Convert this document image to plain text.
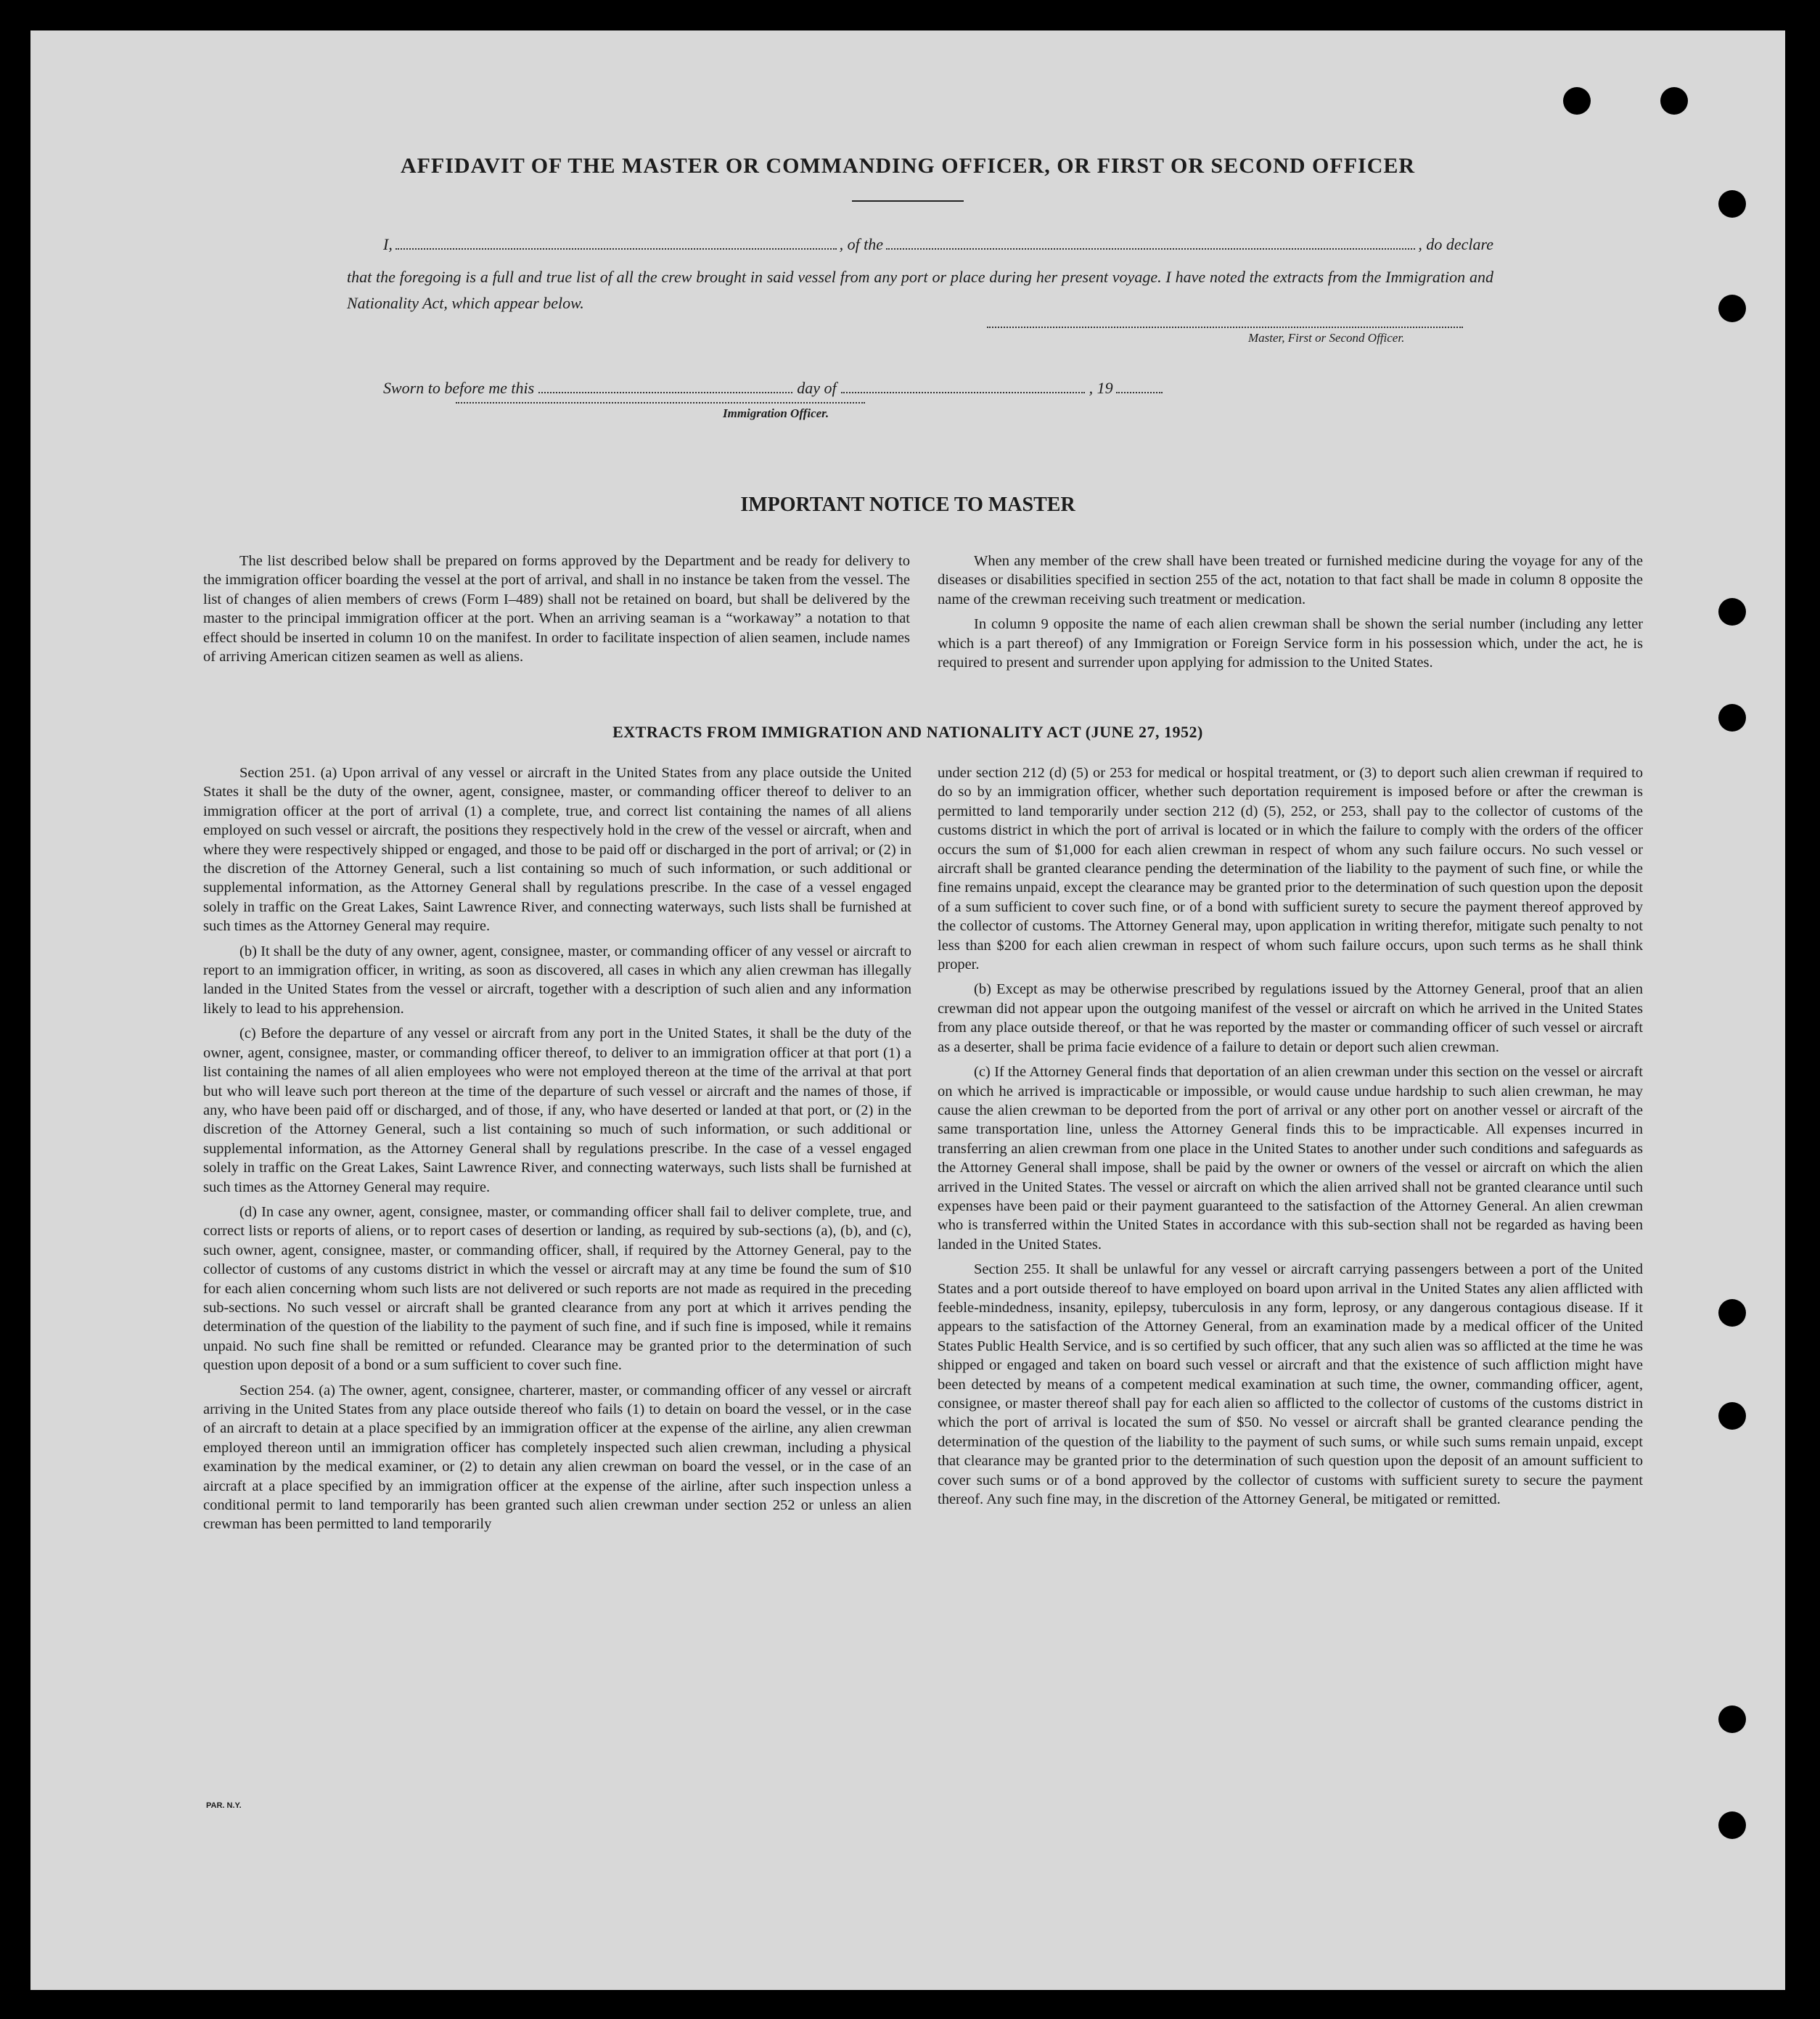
AFFIDAVIT OF THE MASTER OR COMMANDING OFFICER, OR FIRST OR SECOND OFFICER
I,	, of the	, do declare
that the foregoing is a full and true list of all the crew brought in said vessel from any port or place during her present voyage. I have noted the extracts from the Immigration and Nationality Act, which appear below.
Master, First or Second Officer.
Sworn to before me this	day of	, 19
Immigration Officer.
IMPORTANT NOTICE TO MASTER

The list described below shall be prepared on forms approved by the Department and be ready for delivery to the immigration officer boarding the vessel at the port of arrival, and shall in no instance be taken from the vessel. The list of changes of alien members of crews (Form I–489) shall not be retained on board, but shall be delivered by the master to the principal immigration officer at the port. When an arriving seaman is a “workaway” a notation to that effect should be inserted in column 10 on the manifest. In order to facilitate inspection of alien seamen, include names of arriving American citizen seamen as well as aliens.

When any member of the crew shall have been treated or furnished medicine during the voyage for any of the diseases or disabilities specified in section 255 of the act, notation to that fact shall be made in column 8 opposite the name of the crewman receiving such treatment or medication.

In column 9 opposite the name of each alien crewman shall be shown the serial number (including any letter which is a part thereof) of any Immigration or Foreign Service form in his possession which, under the act, he is required to present and surrender upon applying for admission to the United States.

EXTRACTS FROM IMMIGRATION AND NATIONALITY ACT (JUNE 27, 1952)

Section 251. (a) Upon arrival of any vessel or aircraft in the United States from any place outside the United States it shall be the duty of the owner, agent, consignee, master, or commanding officer thereof to deliver to an immigration officer at the port of arrival (1) a complete, true, and correct list containing the names of all aliens employed on such vessel or aircraft, the positions they respectively hold in the crew of the vessel or aircraft, when and where they were respectively shipped or engaged, and those to be paid off or discharged in the port of arrival; or (2) in the discretion of the Attorney General, such a list containing so much of such information, or such additional or supplemental information, as the Attorney General shall by regulations prescribe. In the case of a vessel engaged solely in traffic on the Great Lakes, Saint Lawrence River, and connecting waterways, such lists shall be furnished at such times as the Attorney General may require.

(b) It shall be the duty of any owner, agent, consignee, master, or commanding officer of any vessel or aircraft to report to an immigration officer, in writing, as soon as discovered, all cases in which any alien crewman has illegally landed in the United States from the vessel or aircraft, together with a description of such alien and any information likely to lead to his apprehension.

(c) Before the departure of any vessel or aircraft from any port in the United States, it shall be the duty of the owner, agent, consignee, master, or commanding officer thereof, to deliver to an immigration officer at that port (1) a list containing the names of all alien employees who were not employed thereon at the time of the arrival at that port but who will leave such port thereon at the time of the departure of such vessel or aircraft and the names of those, if any, who have been paid off or discharged, and of those, if any, who have deserted or landed at that port, or (2) in the discretion of the Attorney General, such a list containing so much of such information, or such additional or supplemental information, as the Attorney General shall by regulations prescribe. In the case of a vessel engaged solely in traffic on the Great Lakes, Saint Lawrence River, and connecting waterways, such lists shall be furnished at such times as the Attorney General may require.

(d) In case any owner, agent, consignee, master, or commanding officer shall fail to deliver complete, true, and correct lists or reports of aliens, or to report cases of desertion or landing, as required by sub-sections (a), (b), and (c), such owner, agent, consignee, master, or commanding officer, shall, if required by the Attorney General, pay to the collector of customs of any customs district in which the vessel or aircraft may at any time be found the sum of $10 for each alien concerning whom such lists are not delivered or such reports are not made as required in the preceding sub-sections. No such vessel or aircraft shall be granted clearance from any port at which it arrives pending the determination of the question of the liability to the payment of such fine, and if such fine is imposed, while it remains unpaid. No such fine shall be remitted or refunded. Clearance may be granted prior to the determination of such question upon deposit of a bond or a sum sufficient to cover such fine.

Section 254. (a) The owner, agent, consignee, charterer, master, or commanding officer of any vessel or aircraft arriving in the United States from any place outside thereof who fails (1) to detain on board the vessel, or in the case of an aircraft to detain at a place specified by an immigration officer at the expense of the airline, any alien crewman employed thereon until an immigration officer has completely inspected such alien crewman, including a physical examination by the medical examiner, or (2) to detain any alien crewman on board the vessel, or in the case of an aircraft at a place specified by an immigration officer at the expense of the airline, after such inspection unless a conditional permit to land temporarily has been granted such alien crewman under section 252 or unless an alien crewman has been permitted to land temporarily

under section 212 (d) (5) or 253 for medical or hospital treatment, or (3) to deport such alien crewman if required to do so by an immigration officer, whether such deportation requirement is imposed before or after the crewman is permitted to land temporarily under section 212 (d) (5), 252, or 253, shall pay to the collector of customs of the customs district in which the port of arrival is located or in which the failure to comply with the orders of the officer occurs the sum of $1,000 for each alien crewman in respect of whom any such failure occurs. No such vessel or aircraft shall be granted clearance pending the determination of the liability to the payment of such fine, or while the fine remains unpaid, except the clearance may be granted prior to the determination of such question upon the deposit of a sum sufficient to cover such fine, or of a bond with sufficient surety to secure the payment thereof approved by the collector of customs. The Attorney General may, upon application in writing therefor, mitigate such penalty to not less than $200 for each alien crewman in respect of whom such failure occurs, upon such terms as he shall think proper.

(b) Except as may be otherwise prescribed by regulations issued by the Attorney General, proof that an alien crewman did not appear upon the outgoing manifest of the vessel or aircraft on which he arrived in the United States from any place outside thereof, or that he was reported by the master or commanding officer of such vessel or aircraft as a deserter, shall be prima facie evidence of a failure to detain or deport such alien crewman.

(c) If the Attorney General finds that deportation of an alien crewman under this section on the vessel or aircraft on which he arrived is impracticable or impossible, or would cause undue hardship to such alien crewman, he may cause the alien crewman to be deported from the port of arrival or any other port on another vessel or aircraft of the same transportation line, unless the Attorney General finds this to be impracticable. All expenses incurred in transferring an alien crewman from one place in the United States to another under such conditions and safeguards as the Attorney General shall impose, shall be paid by the owner or owners of the vessel or aircraft on which the alien arrived in the United States. The vessel or aircraft on which the alien arrived shall not be granted clearance until such expenses have been paid or their payment guaranteed to the satisfaction of the Attorney General. An alien crewman who is transferred within the United States in accordance with this sub-section shall not be regarded as having been landed in the United States.

Section 255. It shall be unlawful for any vessel or aircraft carrying passengers between a port of the United States and a port outside thereof to have employed on board upon arrival in the United States any alien afflicted with feeble-mindedness, insanity, epilepsy, tuberculosis in any form, leprosy, or any dangerous contagious disease. If it appears to the satisfaction of the Attorney General, from an examination made by a medical officer of the United States Public Health Service, and is so certified by such officer, that any such alien was so afflicted at the time he was shipped or engaged and taken on board such vessel or aircraft and that the existence of such affliction might have been detected by means of a competent medical examination at such time, the owner, commanding officer, agent, consignee, or master thereof shall pay for each alien so afflicted to the collector of customs of the customs district in which the port of arrival is located the sum of $50. No vessel or aircraft shall be granted clearance pending the determination of the question of the liability to the payment of such sums, or while such sums remain unpaid, except that clearance may be granted prior to the determination of such question upon the deposit of an amount sufficient to cover such sums or of a bond approved by the collector of customs with sufficient surety to secure the payment thereof. Any such fine may, in the discretion of the Attorney General, be mitigated or remitted.

PAR. N.Y.
